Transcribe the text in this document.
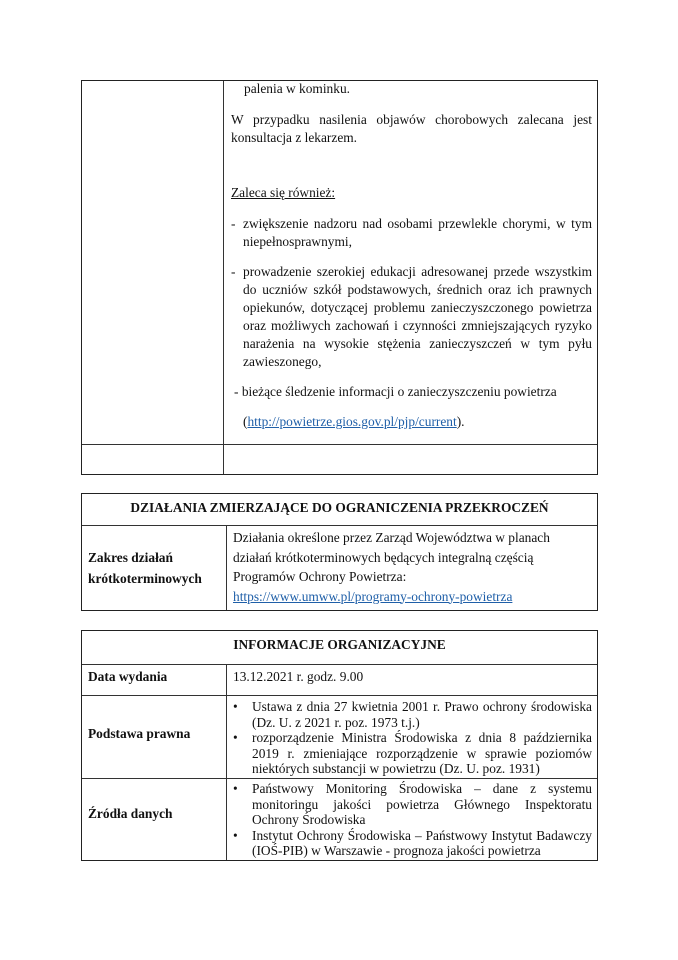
palenia w kominku.
W przypadku nasilenia objawów chorobowych zalecana jest konsultacja z lekarzem.
Zaleca się również:
- zwiększenie nadzoru nad osobami przewlekle chorymi, w tym niepełnosprawnymi,
- prowadzenie szerokiej edukacji adresowanej przede wszystkim do uczniów szkół podstawowych, średnich oraz ich prawnych opiekunów, dotyczącej problemu zanieczyszczonego powietrza oraz możliwych zachowań i czynności zmniejszających ryzyko narażenia na wysokie stężenia zanieczyszczeń w tym pyłu zawieszonego,
- bieżące śledzenie informacji o zanieczyszczeniu powietrza
(http://powietrze.gios.gov.pl/pjp/current).
DZIAŁANIA ZMIERZAJĄCE DO OGRANICZENIA PRZEKROCZEŃ
Zakres działań
krótkoterminowych
Działania określone przez Zarząd Województwa w planach
działań krótkoterminowych będących integralną częścią
Programów Ochrony Powietrza:
https://www.umww.pl/programy-ochrony-powietrza
INFORMACJE ORGANIZACYJNE
Data wydania	13.12.2021 r. godz. 9.00
Podstawa prawna
• Ustawa z dnia 27 kwietnia 2001 r. Prawo ochrony środowiska (Dz. U. z 2021 r. poz. 1973 t.j.)
• rozporządzenie Ministra Środowiska z dnia 8 października 2019 r. zmieniające rozporządzenie w sprawie poziomów niektórych substancji w powietrzu (Dz. U. poz. 1931)
Źródła danych
• Państwowy Monitoring Środowiska – dane z systemu monitoringu jakości powietrza Głównego Inspektoratu Ochrony Środowiska
• Instytut Ochrony Środowiska – Państwowy Instytut Badawczy (IOŚ-PIB) w Warszawie - prognoza jakości powietrza
